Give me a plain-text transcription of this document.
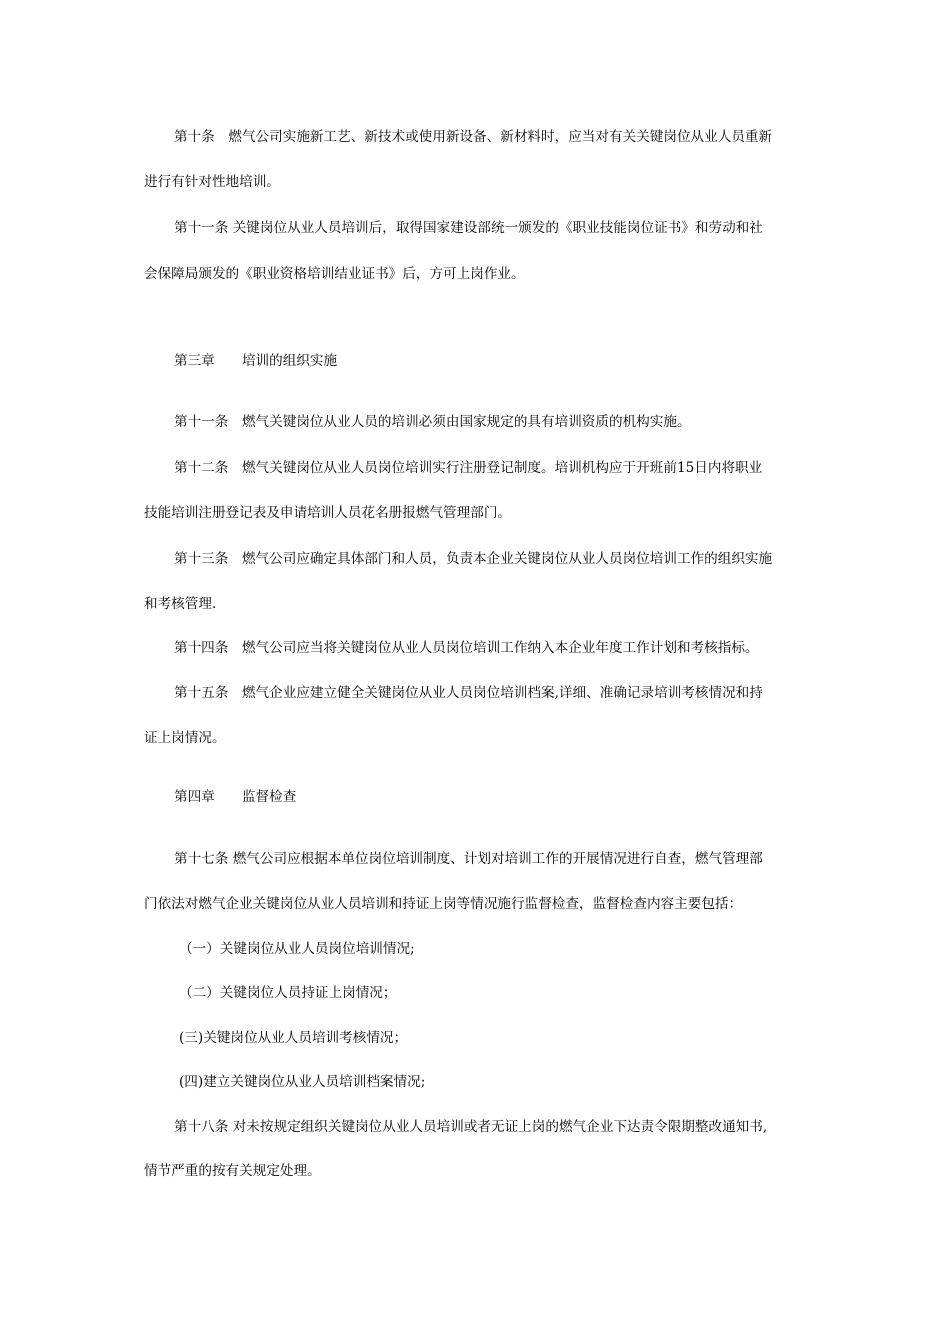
第十条　燃气公司实施新工艺、新技术或使用新设备、新材料时，应当对有关关键岗位从业人员重新
进行有针对性地培训。
第十一条 关键岗位从业人员培训后，取得国家建设部统一颁发的《职业技能岗位证书》和劳动和社
会保障局颁发的《职业资格培训结业证书》后，方可上岗作业。
第三章　　培训的组织实施
第十一条　燃气关键岗位从业人员的培训必须由国家规定的具有培训资质的机构实施。
第十二条　燃气关键岗位从业人员岗位培训实行注册登记制度。培训机构应于开班前15日内将职业
技能培训注册登记表及申请培训人员花名册报燃气管理部门。
第十三条　燃气公司应确定具体部门和人员，负责本企业关键岗位从业人员岗位培训工作的组织实施
和考核管理.
第十四条　燃气公司应当将关键岗位从业人员岗位培训工作纳入本企业年度工作计划和考核指标。
第十五条　燃气企业应建立健全关键岗位从业人员岗位培训档案,详细、准确记录培训考核情况和持
证上岗情况。
第四章　　监督检查
第十七条 燃气公司应根据本单位岗位培训制度、计划对培训工作的开展情况进行自查，燃气管理部
门依法对燃气企业关键岗位从业人员培训和持证上岗等情况施行监督检查，监督检查内容主要包括：
（一）关键岗位从业人员岗位培训情况;
（二）关键岗位人员持证上岗情况；
(三)关键岗位从业人员培训考核情况；
(四)建立关键岗位从业人员培训档案情况;
第十八条 对未按规定组织关键岗位从业人员培训或者无证上岗的燃气企业下达责令限期整改通知书,
情节严重的按有关规定处理。
